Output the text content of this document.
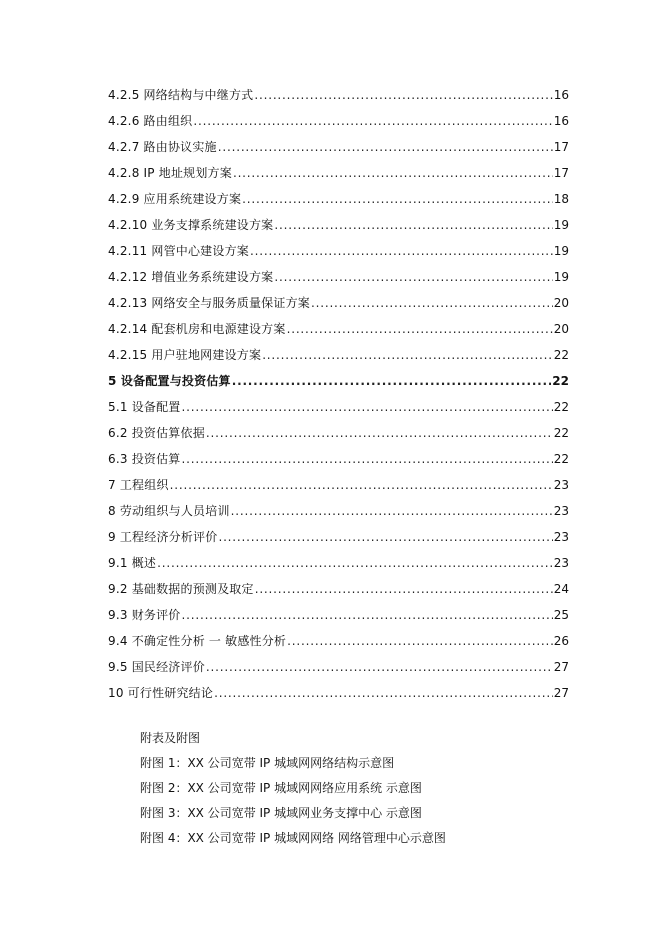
4.2.5 网络结构与中继方式 .....	16
4.2.6 路由组织 .....	16
4.2.7 路由协议实施 .....	17
4.2.8 IP 地址规划方案 .....	17
4.2.9 应用系统建设方案 .....	18
4.2.10 业务支撑系统建设方案 .....	19
4.2.11 网管中心建设方案 .....	19
4.2.12 增值业务系统建设方案 .....	19
4.2.13 网络安全与服务质量保证方案 .....	20
4.2.14 配套机房和电源建设方案 .....	20
4.2.15 用户驻地网建设方案 .....	22
5 设备配置与投资估算 .....	22
5.1 设备配置 .....	22
6.2 投资估算依据 .....	22
6.3 投资估算 .....	22
7 工程组织 .....	23
8 劳动组织与人员培训 .....	23
9 工程经济分析评价 .....	23
9.1 概述 .....	23
9.2 基础数据的预测及取定 .....	24
9.3 财务评价 .....	25
9.4 不确定性分析 一 敏感性分析 .....	26
9.5 国民经济评价 .....	27
10 可行性研究结论 .....	27
附表及附图
附图 1：XX 公司宽带 IP 城域网网络结构示意图
附图 2：XX 公司宽带 IP 城域网网络应用系统 示意图
附图 3：XX 公司宽带 IP 城域网业务支撑中心 示意图
附图 4：XX 公司宽带 IP 城域网网络 网络管理中心示意图
